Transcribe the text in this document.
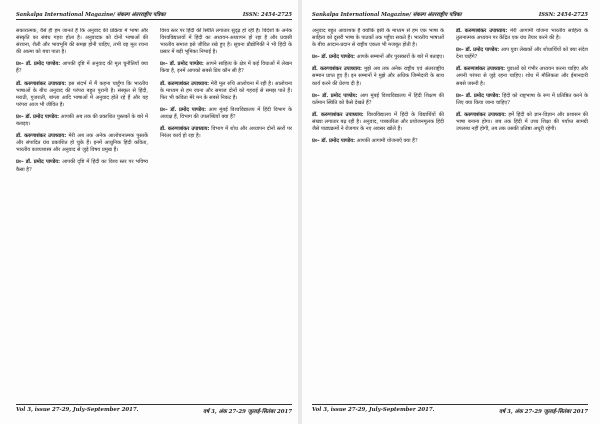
Sankalpa International Magazine/ संकल्प अंतरराष्ट्रीय पत्रिका	ISSN: 2454-2725

सकारात्मक, वैसे ही हम जानते हैं कि अनुवाद की प्रक्रिया में भाषा और संस्कृति का संबंध गहरा होता है। अनुवादक को दोनों भाषाओं की संरचना, शैली और भावभूमि की समझ होनी चाहिए, तभी वह मूल रचना की आत्मा को बचा पाता है।

प्र०- डॉ. प्रमोद पाण्डेय: आपकी दृष्टि में अनुवाद की मूल चुनौतियाँ क्या हैं?

डॉ. करुणाशंकर उपाध्याय: इस संदर्भ में मैं कहना चाहूँगा कि भारतीय भाषाओं के बीच अनुवाद की परंपरा बहुत पुरानी है। संस्कृत से हिंदी, मराठी, गुजराती, बांग्ला आदि भाषाओं में अनुवाद होते रहे हैं और यह परंपरा आज भी जीवित है।

प्र०- डॉ. प्रमोद पाण्डेय: आपकी अब तक की प्रकाशित पुस्तकों के बारे में बताइए।

डॉ. करुणाशंकर उपाध्याय: मेरी अब तक अनेक आलोचनात्मक पुस्तकें और संपादित ग्रंथ प्रकाशित हो चुके हैं। इनमें आधुनिक हिंदी कविता, भारतीय काव्यशास्त्र और अनुवाद से जुड़े विषय प्रमुख हैं।

प्र०- डॉ. प्रमोद पाण्डेय: आपकी दृष्टि में हिंदी का विश्व स्तर पर भविष्य कैसा है?

विश्व स्तर पर हिंदी की स्थिति लगातार सुदृढ़ हो रही है। विदेशों के अनेक विश्वविद्यालयों में हिंदी का अध्ययन-अध्यापन हो रहा है और प्रवासी भारतीय समाज इसे जीवित रखे हुए है। सूचना प्रौद्योगिकी ने भी हिंदी के प्रसार में बड़ी भूमिका निभाई है।

प्र०- डॉ. प्रमोद पाण्डेय: आपने साहित्य के क्षेत्र में कई विधाओं में लेखन किया है, इनमें आपको सबसे प्रिय कौन सी है?

डॉ. करुणाशंकर उपाध्याय: मेरी मूल रुचि आलोचना में रही है। आलोचना के माध्यम से हम रचना और समाज दोनों को गहराई से समझ पाते हैं। फिर भी कविता मेरे मन के सबसे निकट है।

प्र०- डॉ. प्रमोद पाण्डेय: आप मुंबई विश्वविद्यालय में हिंदी विभाग के अध्यक्ष हैं, विभाग की उपलब्धियाँ क्या हैं?

डॉ. करुणाशंकर उपाध्याय: विभाग में शोध और अध्यापन दोनों स्तरों पर निरंतर कार्य हो रहा है।

Vol 3, issue 27-29, July-September 2017.	वर्ष 3, अंक 27-29 जुलाई-सितंबर 2017
Sankalpa International Magazine/ संकल्प अंतरराष्ट्रीय पत्रिका	ISSN: 2454-2725

अनुवाद बहुत आवश्यक है क्योंकि इसी के माध्यम से हम एक भाषा के साहित्य को दूसरी भाषा के पाठकों तक पहुँचा सकते हैं। भारतीय भाषाओं के बीच आदान-प्रदान से राष्ट्रीय एकता भी मजबूत होती है।

प्र०- डॉ. प्रमोद पाण्डेय: आपके सम्मानों और पुरस्कारों के बारे में बताइए।

डॉ. करुणाशंकर उपाध्याय: मुझे अब तक अनेक राष्ट्रीय एवं अंतरराष्ट्रीय सम्मान प्राप्त हुए हैं। इन सम्मानों ने मुझे और अधिक जिम्मेदारी के साथ कार्य करने की प्रेरणा दी है।

प्र०- डॉ. प्रमोद पाण्डेय: आप मुंबई विश्वविद्यालय में हिंदी शिक्षण की वर्तमान स्थिति को कैसे देखते हैं?

डॉ. करुणाशंकर उपाध्याय: विश्वविद्यालय में हिंदी के विद्यार्थियों की संख्या लगातार बढ़ रही है। अनुवाद, पत्रकारिता और प्रयोजनमूलक हिंदी जैसे पाठ्यक्रमों ने रोजगार के नए अवसर खोले हैं।

प्र०- डॉ. प्रमोद पाण्डेय: आपकी आगामी योजनाएँ क्या हैं?

डॉ. करुणाशंकर उपाध्याय: मेरी आगामी योजना भारतीय साहित्य के तुलनात्मक अध्ययन पर केंद्रित एक ग्रंथ तैयार करने की है।

प्र०- डॉ. प्रमोद पाण्डेय: आप युवा लेखकों और शोधार्थियों को क्या संदेश देना चाहेंगे?

डॉ. करुणाशंकर उपाध्याय: युवाओं को गंभीर अध्ययन करना चाहिए और अपनी परंपरा से जुड़े रहना चाहिए। शोध में मौलिकता और ईमानदारी सबसे जरूरी है।

प्र०- डॉ. प्रमोद पाण्डेय: हिंदी को राष्ट्रभाषा के रूप में प्रतिष्ठित करने के लिए क्या किया जाना चाहिए?

डॉ. करुणाशंकर उपाध्याय: हमें हिंदी को ज्ञान-विज्ञान और प्रशासन की भाषा बनाना होगा। जब तक हिंदी में उच्च शिक्षा की पर्याप्त सामग्री उपलब्ध नहीं होगी, तब तक उसकी प्रतिष्ठा अधूरी रहेगी।

Vol 3, issue 27-29, July-September 2017.	वर्ष 3, अंक 27-29 जुलाई-सितंबर 2017
